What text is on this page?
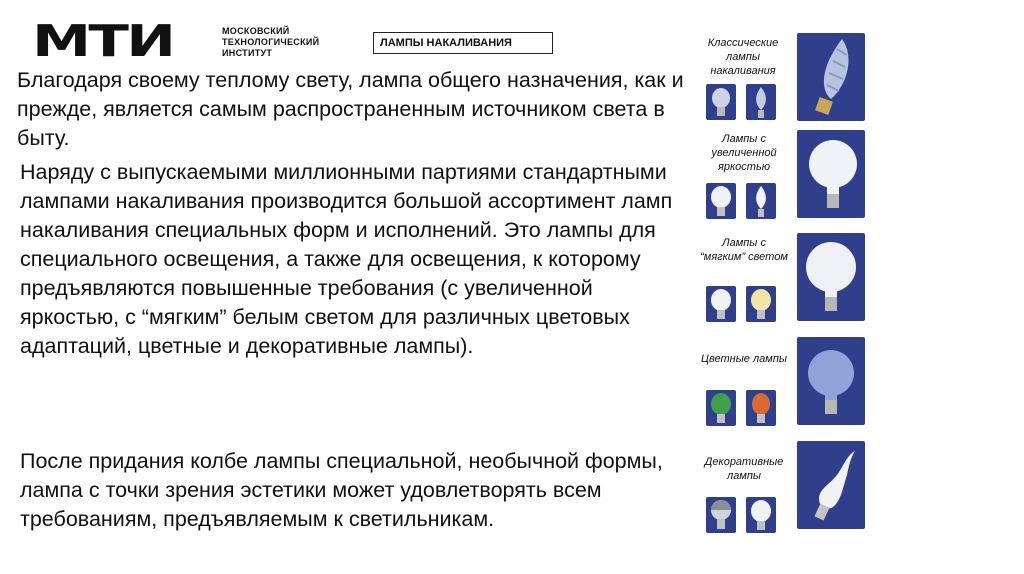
МТИ	МОСКОВСКИЙ
ТЕХНОЛОГИЧЕСКИЙ
ИНСТИТУТ
ЛАМПЫ НАКАЛИВАНИЯ
Благодаря своему теплому свету, лампа общего назначения, как и прежде, является самым распространенным источником света в быту.
Наряду с выпускаемыми миллионными партиями стандартными лампами накаливания производится большой ассортимент ламп накаливания специальных форм и исполнений. Это лампы для специального освещения, а также для освещения, к которому предъявляются повышенные требования (с увеличенной яркостью, с “мягким” белым светом для различных цветовых адаптаций, цветные и декоративные лампы).
После придания колбе лампы специальной, необычной формы, лампа с точки зрения эстетики может удовлетворять всем требованиям, предъявляемым к светильникам.
Классические лампы накаливания
Лампы с увеличенной яркостью
Лампы с “мягким” светом
Цветные лампы
Декоративные лампы
